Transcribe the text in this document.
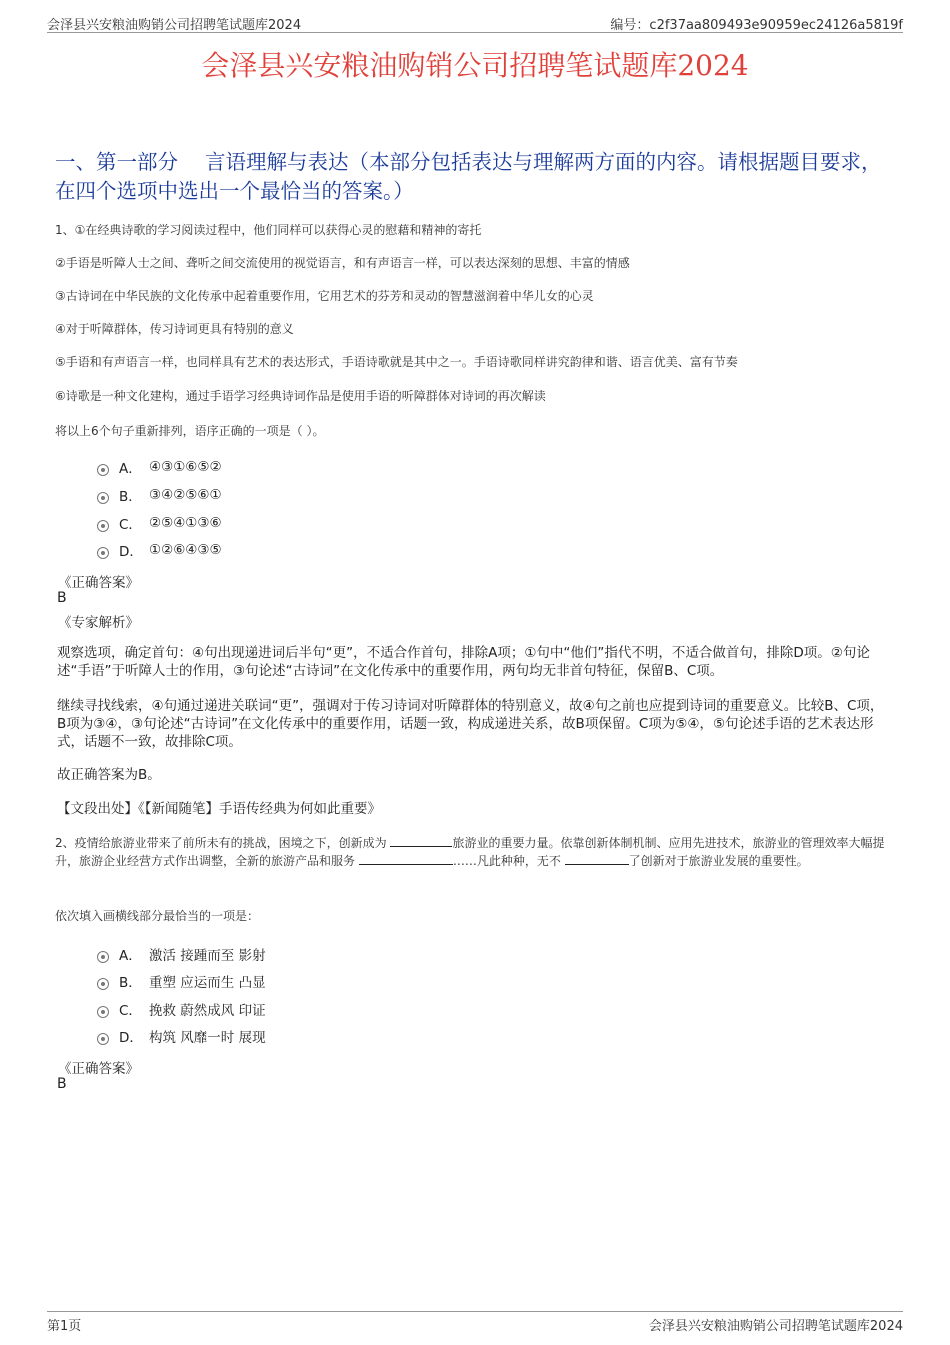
会泽县兴安粮油购销公司招聘笔试题库2024	编号：c2f37aa809493e90959ec24126a5819f
会泽县兴安粮油购销公司招聘笔试题库2024
一、第一部分　 言语理解与表达（本部分包括表达与理解两方面的内容。请根据题目要求，在四个选项中选出一个最恰当的答案。）
1、①在经典诗歌的学习阅读过程中，他们同样可以获得心灵的慰藉和精神的寄托
②手语是听障人士之间、聋听之间交流使用的视觉语言，和有声语言一样，可以表达深刻的思想、丰富的情感
③古诗词在中华民族的文化传承中起着重要作用，它用艺术的芬芳和灵动的智慧滋润着中华儿女的心灵
④对于听障群体，传习诗词更具有特别的意义
⑤手语和有声语言一样，也同样具有艺术的表达形式，手语诗歌就是其中之一。手语诗歌同样讲究韵律和谐、语言优美、富有节奏
⑥诗歌是一种文化建构，通过手语学习经典诗词作品是使用手语的听障群体对诗词的再次解读
将以上6个句子重新排列，语序正确的一项是（ ）。
A． ④③①⑥⑤②
B． ③④②⑤⑥①
C． ②⑤④①③⑥
D． ①②⑥④③⑤
《正确答案》
B
《专家解析》
观察选项，确定首句：④句出现递进词后半句“更”，不适合作首句，排除A项；①句中“他们”指代不明，不适合做首句，排除D项。②句论述“手语”于听障人士的作用，③句论述“古诗词”在文化传承中的重要作用，两句均无非首句特征，保留B、C项。
继续寻找线索，④句通过递进关联词“更”，强调对于传习诗词对听障群体的特别意义，故④句之前也应提到诗词的重要意义。比较B、C项，B项为③④，③句论述“古诗词”在文化传承中的重要作用，话题一致，构成递进关系，故B项保留。C项为⑤④，⑤句论述手语的艺术表达形式，话题不一致，故排除C项。
故正确答案为B。
【文段出处】《【新闻随笔】手语传经典为何如此重要》
2、疫情给旅游业带来了前所未有的挑战，困境之下，创新成为	旅游业的重要力量。依靠创新体制机制、应用先进技术，旅游业的管理效率大幅提升，旅游企业经营方式作出调整，全新的旅游产品和服务	……凡此种种，无不	了创新对于旅游业发展的重要性。
依次填入画横线部分最恰当的一项是：
A． 激活 接踵而至 影射
B． 重塑 应运而生 凸显
C． 挽救 蔚然成风 印证
D． 构筑 风靡一时 展现
《正确答案》
B
第1页	会泽县兴安粮油购销公司招聘笔试题库2024
